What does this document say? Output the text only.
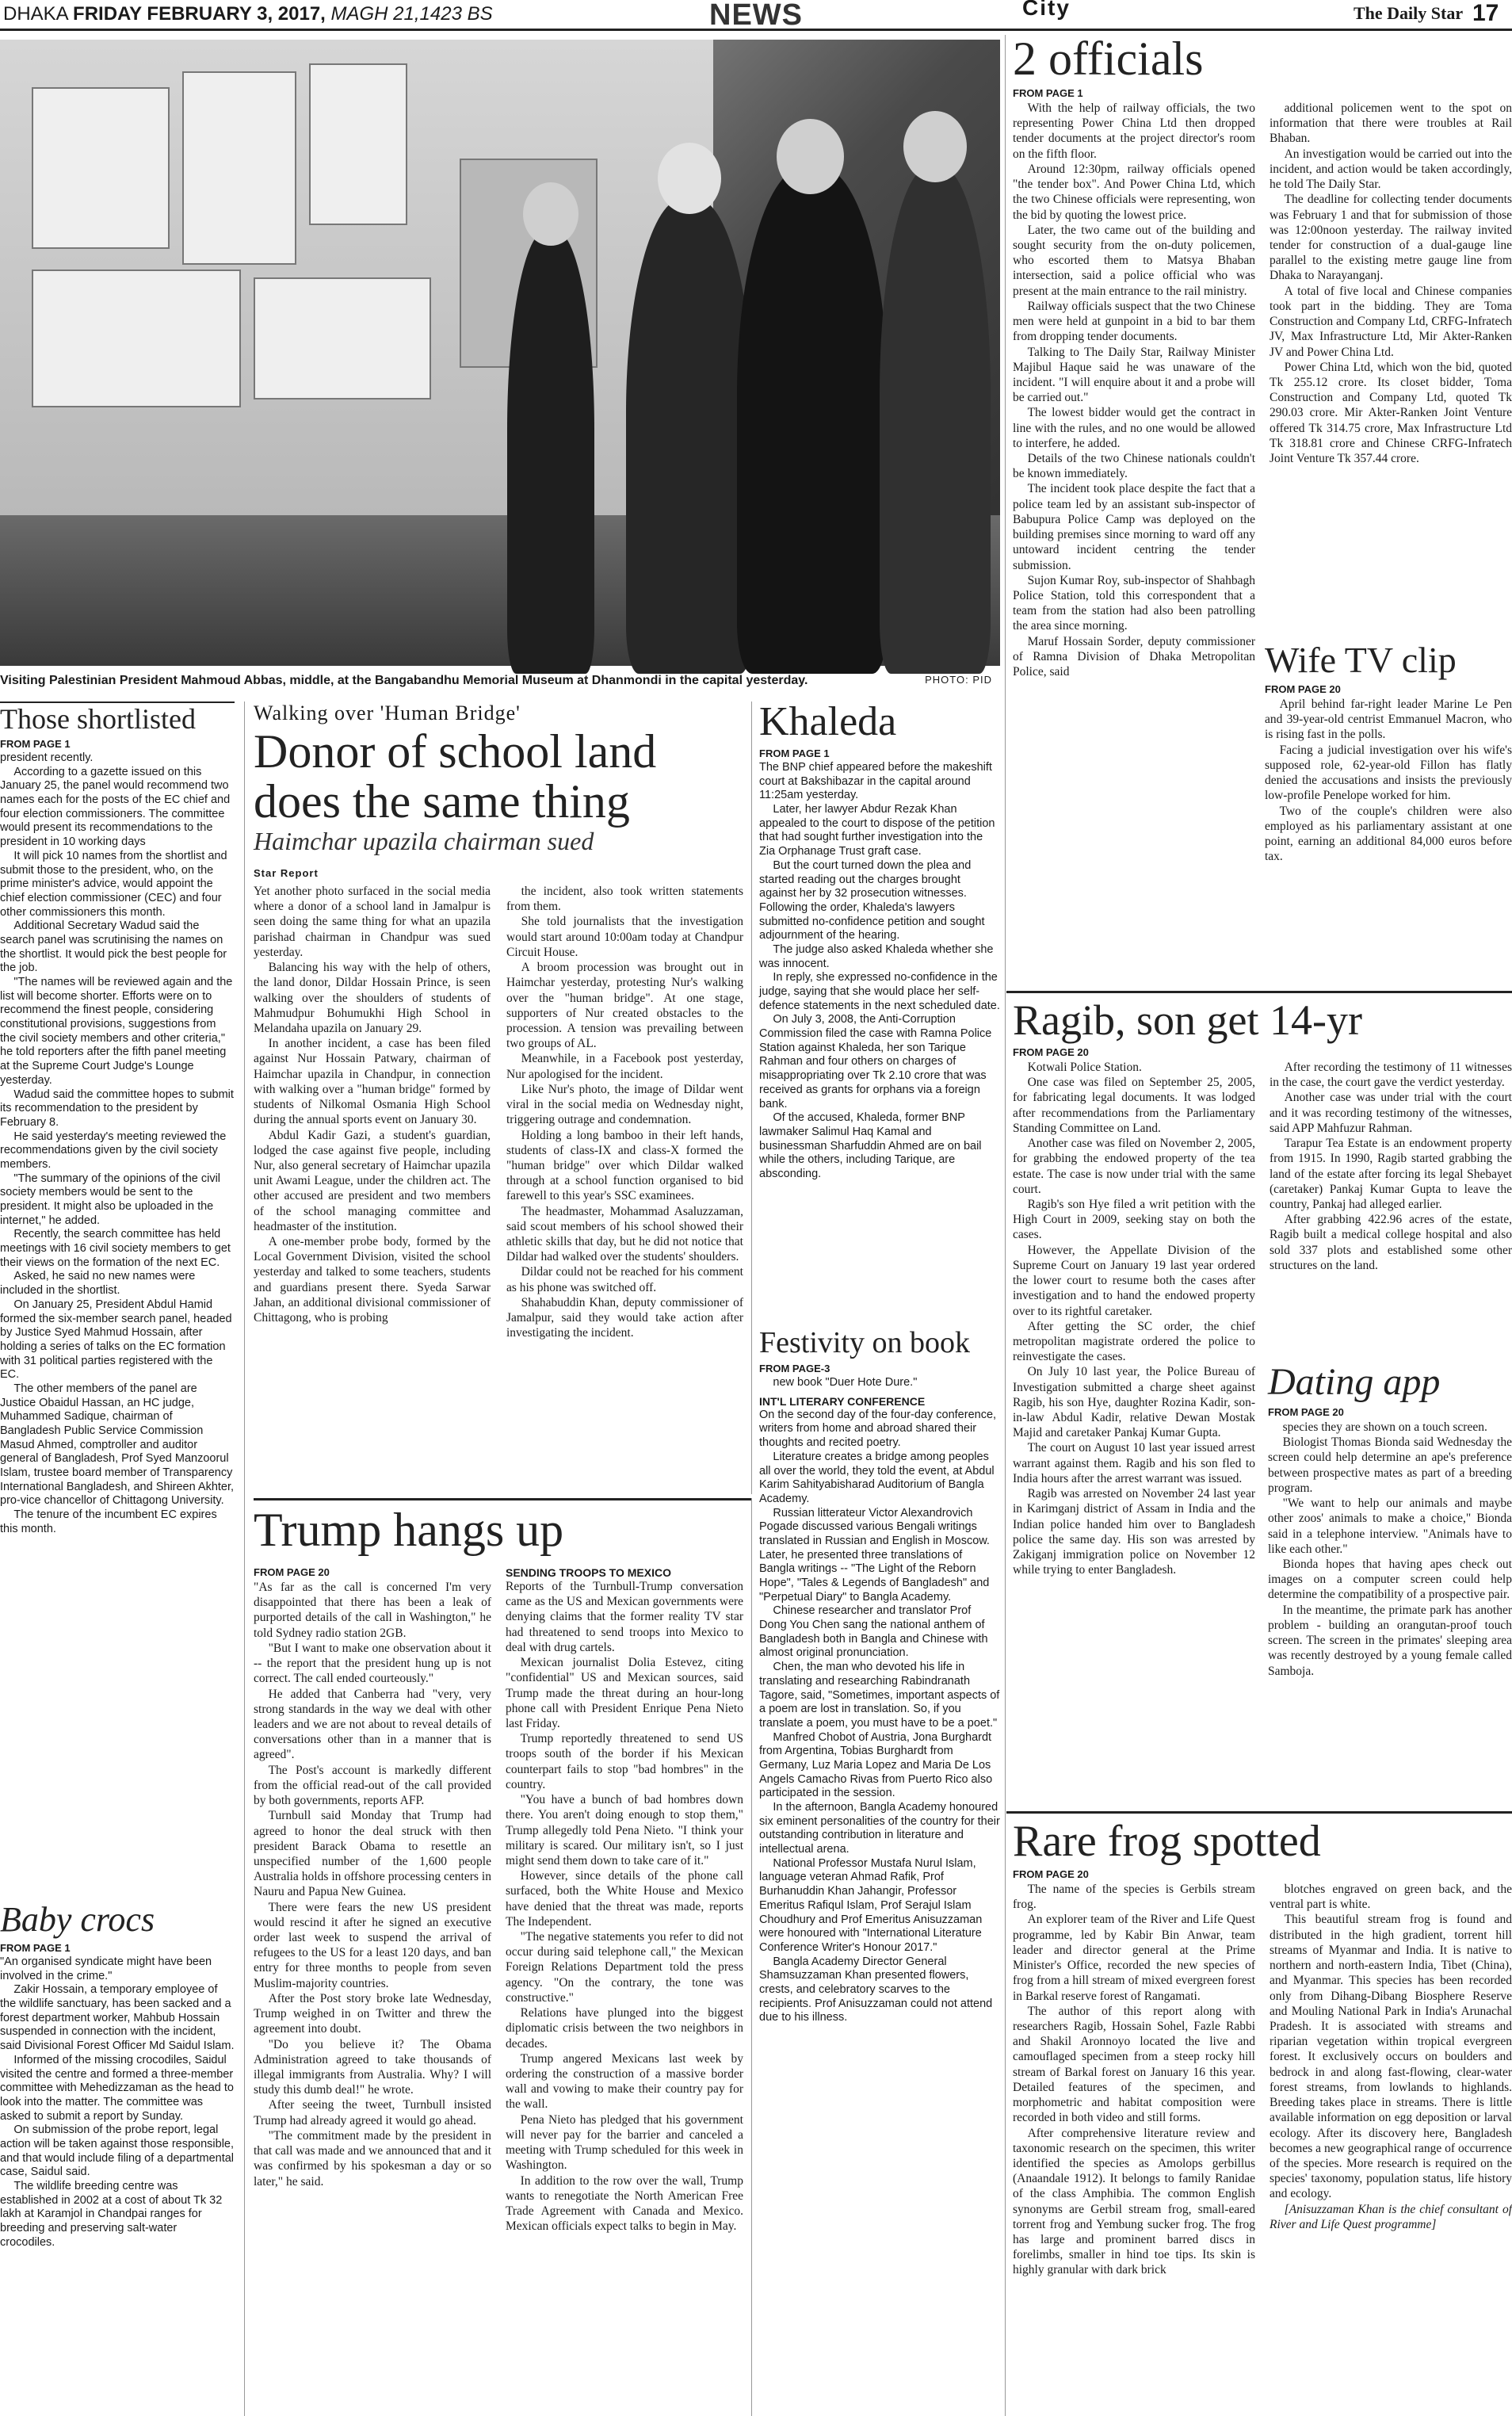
DHAKA FRIDAY FEBRUARY 3, 2017, MAGH 21,1423 BS	NEWS	City	The Daily Star 17
Visiting Palestinian President Mahmoud Abbas, middle, at the Bangabandhu Memorial Museum at Dhanmondi in the capital yesterday.	PHOTO: PID
2 officials
FROM PAGE 1

With the help of railway officials, the two representing Power China Ltd then dropped tender documents at the project director's room on the fifth floor.

Around 12:30pm, railway officials opened "the tender box". And Power China Ltd, which the two Chinese officials were representing, won the bid by quoting the lowest price.

Later, the two came out of the building and sought security from the on-duty policemen, who escorted them to Matsya Bhaban intersection, said a police official who was present at the main entrance to the rail ministry.

Railway officials suspect that the two Chinese men were held at gunpoint in a bid to bar them from dropping tender documents.

Talking to The Daily Star, Railway Minister Majibul Haque said he was unaware of the incident. "I will enquire about it and a probe will be carried out."

The lowest bidder would get the contract in line with the rules, and no one would be allowed to interfere, he added.

Details of the two Chinese nationals couldn't be known immediately.

The incident took place despite the fact that a police team led by an assistant sub-inspector of Babupura Police Camp was deployed on the building premises since morning to ward off any untoward incident centring the tender submission.

Sujon Kumar Roy, sub-inspector of Shahbagh Police Station, told this correspondent that a team from the station had also been patrolling the area since morning.

Maruf Hossain Sorder, deputy commissioner of Ramna Division of Dhaka Metropolitan Police, said

additional policemen went to the spot on information that there were troubles at Rail Bhaban.

An investigation would be carried out into the incident, and action would be taken accordingly, he told The Daily Star.

The deadline for collecting tender documents was February 1 and that for submission of those was 12:00noon yesterday. The railway invited tender for construction of a dual-gauge line parallel to the existing metre gauge line from Dhaka to Narayanganj.

A total of five local and Chinese companies took part in the bidding. They are Toma Construction and Company Ltd, CRFG-Infratech JV, Max Infrastructure Ltd, Mir Akter-Ranken JV and Power China Ltd.

Power China Ltd, which won the bid, quoted Tk 255.12 crore. Its closet bidder, Toma Construction and Company Ltd, quoted Tk 290.03 crore. Mir Akter-Ranken Joint Venture offered Tk 314.75 crore, Max Infrastructure Ltd Tk 318.81 crore and Chinese CRFG-Infratech Joint Venture Tk 357.44 crore.

Wife TV clip
FROM PAGE 20

April behind far-right leader Marine Le Pen and 39-year-old centrist Emmanuel Macron, who is rising fast in the polls.

Facing a judicial investigation over his wife's supposed role, 62-year-old Fillon has flatly denied the accusations and insists the previously low-profile Penelope worked for him.

Two of the couple's children were also employed as his parliamentary assistant at one point, earning an additional 84,000 euros before tax.

Ragib, son get 14-yr
FROM PAGE 20

Kotwali Police Station.

One case was filed on September 25, 2005, for fabricating legal documents. It was lodged after recommendations from the Parliamentary Standing Committee on Land.

Another case was filed on November 2, 2005, for grabbing the endowed property of the tea estate. The case is now under trial with the same court.

Ragib's son Hye filed a writ petition with the High Court in 2009, seeking stay on both the cases.

However, the Appellate Division of the Supreme Court on January 19 last year ordered the lower court to resume both the cases after investigation and to hand the endowed property over to its rightful caretaker.

After getting the SC order, the chief metropolitan magistrate ordered the police to reinvestigate the cases.

On July 10 last year, the Police Bureau of Investigation submitted a charge sheet against Ragib, his son Hye, daughter Rozina Kadir, son-in-law Abdul Kadir, relative Dewan Mostak Majid and caretaker Pankaj Kumar Gupta.

The court on August 10 last year issued arrest warrant against them. Ragib and his son fled to India hours after the arrest warrant was issued.

Ragib was arrested on November 24 last year in Karimganj district of Assam in India and the Indian police handed him over to Bangladesh police the same day. His son was arrested by Zakiganj immigration police on November 12 while trying to enter Bangladesh.

After recording the testimony of 11 witnesses in the case, the court gave the verdict yesterday.

Another case was under trial with the court and it was recording testimony of the witnesses, said APP Mahfuzur Rahman.

Tarapur Tea Estate is an endowment property from 1915. In 1990, Ragib started grabbing the land of the estate after forcing its legal Shebayet (caretaker) Pankaj Kumar Gupta to leave the country, Pankaj had alleged earlier.

After grabbing 422.96 acres of the estate, Ragib built a medical college hospital and also sold 337 plots and established some other structures on the land.

Dating app
FROM PAGE 20

species they are shown on a touch screen.

Biologist Thomas Bionda said Wednesday the screen could help determine an ape's preference between prospective mates as part of a breeding program.

"We want to help our animals and maybe other zoos' animals to make a choice," Bionda said in a telephone interview. "Animals have to like each other."

Bionda hopes that having apes check out images on a computer screen could help determine the compatibility of a prospective pair.

In the meantime, the primate park has another problem - building an orangutan-proof touch screen. The screen in the primates' sleeping area was recently destroyed by a young female called Samboja.

Rare frog spotted
FROM PAGE 20

The name of the species is Gerbils stream frog.

An explorer team of the River and Life Quest programme, led by Kabir Bin Anwar, team leader and director general at the Prime Minister's Office, recorded the new species of frog from a hill stream of mixed evergreen forest in Barkal reserve forest of Rangamati.

The author of this report along with researchers Ragib, Hossain Sohel, Fazle Rabbi and Shakil Aronnoyo located the live and camouflaged specimen from a steep rocky hill stream of Barkal forest on January 16 this year. Detailed features of the specimen, and morphometric and habitat composition were recorded in both video and still forms.

After comprehensive literature review and taxonomic research on the specimen, this writer identified the species as Amolops gerbillus (Anaandale 1912). It belongs to family Ranidae of the class Amphibia. The common English synonyms are Gerbil stream frog, small-eared torrent frog and Yembung sucker frog. The frog has large and prominent barred discs in forelimbs, smaller in hind toe tips. Its skin is highly granular with dark brick

blotches engraved on green back, and the ventral part is white.

This beautiful stream frog is found and distributed in the high gradient, torrent hill streams of Myanmar and India. It is native to northern and north-eastern India, Tibet (China), and Myanmar. This species has been recorded only from Dihang-Dibang Biosphere Reserve and Mouling National Park in India's Arunachal Pradesh. It is associated with streams and riparian vegetation within tropical evergreen forest. It exclusively occurs on boulders and bedrock in and along fast-flowing, clear-water forest streams, from lowlands to highlands. Breeding takes place in streams. There is little available information on egg deposition or larval ecology. After its discovery here, Bangladesh becomes a new geographical range of occurrence of the species. More research is required on the species' taxonomy, population status, life history and ecology.

[Anisuzzaman Khan is the chief consultant of River and Life Quest programme]

Those shortlisted
FROM PAGE 1

president recently.

According to a gazette issued on this January 25, the panel would recommend two names each for the posts of the EC chief and four election commissioners. The committee would present its recommendations to the president in 10 working days

It will pick 10 names from the shortlist and submit those to the president, who, on the prime minister's advice, would appoint the chief election commissioner (CEC) and four other commissioners this month.

Additional Secretary Wadud said the search panel was scrutinising the names on the shortlist. It would pick the best people for the job.

"The names will be reviewed again and the list will become shorter. Efforts were on to recommend the finest people, considering constitutional provisions, suggestions from the civil society members and other criteria," he told reporters after the fifth panel meeting at the Supreme Court Judge's Lounge yesterday.

Wadud said the committee hopes to submit its recommendation to the president by February 8.

He said yesterday's meeting reviewed the recommendations given by the civil society members.

"The summary of the opinions of the civil society members would be sent to the president. It might also be uploaded in the internet," he added.

Recently, the search committee has held meetings with 16 civil society members to get their views on the formation of the next EC.

Asked, he said no new names were included in the shortlist.

On January 25, President Abdul Hamid formed the six-member search panel, headed by Justice Syed Mahmud Hossain, after holding a series of talks on the EC formation with 31 political parties registered with the EC.

The other members of the panel are Justice Obaidul Hassan, an HC judge, Muhammed Sadique, chairman of Bangladesh Public Service Commission Masud Ahmed, comptroller and auditor general of Bangladesh, Prof Syed Manzoorul Islam, trustee board member of Transparency International Bangladesh, and Shireen Akhter, pro-vice chancellor of Chittagong University.

The tenure of the incumbent EC expires this month.

Baby crocs
FROM PAGE 1

"An organised syndicate might have been involved in the crime."

Zakir Hossain, a temporary employee of the wildlife sanctuary, has been sacked and a forest department worker, Mahbub Hossain suspended in connection with the incident, said Divisional Forest Officer Md Saidul Islam.

Informed of the missing crocodiles, Saidul visited the centre and formed a three-member committee with Mehedizzaman as the head to look into the matter. The committee was asked to submit a report by Sunday.

On submission of the probe report, legal action will be taken against those responsible, and that would include filing of a departmental case, Saidul said.

The wildlife breeding centre was established in 2002 at a cost of about Tk 32 lakh at Karamjol in Chandpai ranges for breeding and preserving salt-water crocodiles.

Walking over 'Human Bridge'
Donor of school land does the same thing
Haimchar upazila chairman sued
Star Report

Yet another photo surfaced in the social media where a donor of a school land in Jamalpur is seen doing the same thing for what an upazila parishad chairman in Chandpur was sued yesterday.

Balancing his way with the help of others, the land donor, Dildar Hossain Prince, is seen walking over the shoulders of students of Mahmudpur Bohumukhi High School in Melandaha upazila on January 29.

In another incident, a case has been filed against Nur Hossain Patwary, chairman of Haimchar upazila in Chandpur, in connection with walking over a "human bridge" formed by students of Nilkomal Osmania High School during the annual sports event on January 30.

Abdul Kadir Gazi, a student's guardian, lodged the case against five people, including Nur, also general secretary of Haimchar upazila unit Awami League, under the children act. The other accused are president and two members of the school managing committee and headmaster of the institution.

A one-member probe body, formed by the Local Government Division, visited the school yesterday and talked to some teachers, students and guardians present there. Syeda Sarwar Jahan, an additional divisional commissioner of Chittagong, who is probing

the incident, also took written statements from them.

She told journalists that the investigation would start around 10:00am today at Chandpur Circuit House.

A broom procession was brought out in Haimchar yesterday, protesting Nur's walking over the "human bridge". At one stage, supporters of Nur created obstacles to the procession. A tension was prevailing between two groups of AL.

Meanwhile, in a Facebook post yesterday, Nur apologised for the incident.

Like Nur's photo, the image of Dildar went viral in the social media on Wednesday night, triggering outrage and condemnation.

Holding a long bamboo in their left hands, students of class-IX and class-X formed the "human bridge" over which Dildar walked through at a school function organised to bid farewell to this year's SSC examinees.

The headmaster, Mohammad Asaluzzaman, said scout members of his school showed their athletic skills that day, but he did not notice that Dildar had walked over the students' shoulders.

Dildar could not be reached for his comment as his phone was switched off.

Shahabuddin Khan, deputy commissioner of Jamalpur, said they would take action after investigating the incident.

Khaleda
FROM PAGE 1

The BNP chief appeared before the makeshift court at Bakshibazar in the capital around 11:25am yesterday.

Later, her lawyer Abdur Rezak Khan appealed to the court to dispose of the petition that had sought further investigation into the Zia Orphanage Trust graft case.

But the court turned down the plea and started reading out the charges brought against her by 32 prosecution witnesses. Following the order, Khaleda's lawyers submitted no-confidence petition and sought adjournment of the hearing.

The judge also asked Khaleda whether she was innocent.

In reply, she expressed no-confidence in the judge, saying that she would place her self-defence statements in the next scheduled date.

On July 3, 2008, the Anti-Corruption Commission filed the case with Ramna Police Station against Khaleda, her son Tarique Rahman and four others on charges of misappropriating over Tk 2.10 crore that was received as grants for orphans via a foreign bank.

Of the accused, Khaleda, former BNP lawmaker Salimul Haq Kamal and businessman Sharfuddin Ahmed are on bail while the others, including Tarique, are absconding.

Festivity on book
FROM PAGE-3

new book "Duer Hote Dure."

INT'L LITERARY CONFERENCE

On the second day of the four-day conference, writers from home and abroad shared their thoughts and recited poetry.

Literature creates a bridge among peoples all over the world, they told the event, at Abdul Karim Sahityabisharad Auditorium of Bangla Academy.

Russian litterateur Victor Alexandrovich Pogade discussed various Bengali writings translated in Russian and English in Moscow. Later, he presented three translations of Bangla writings -- "The Light of the Reborn Hope", "Tales & Legends of Bangladesh" and "Perpetual Diary" to Bangla Academy.

Chinese researcher and translator Prof Dong You Chen sang the national anthem of Bangladesh both in Bangla and Chinese with almost original pronunciation.

Chen, the man who devoted his life in translating and researching Rabindranath Tagore, said, "Sometimes, important aspects of a poem are lost in translation. So, if you translate a poem, you must have to be a poet."

Manfred Chobot of Austria, Jona Burghardt from Argentina, Tobias Burghardt from Germany, Luz Maria Lopez and Maria De Los Angels Camacho Rivas from Puerto Rico also participated in the session.

In the afternoon, Bangla Academy honoured six eminent personalities of the country for their outstanding contribution in literature and intellectual arena.

National Professor Mustafa Nurul Islam, language veteran Ahmad Rafik, Prof Burhanuddin Khan Jahangir, Professor Emeritus Rafiqul Islam, Prof Serajul Islam Choudhury and Prof Emeritus Anisuzzaman were honoured with "International Literature Conference Writer's Honour 2017."

Bangla Academy Director General Shamsuzzaman Khan presented flowers, crests, and celebratory scarves to the recipients. Prof Anisuzzaman could not attend due to his illness.

Trump hangs up
FROM PAGE 20

"As far as the call is concerned I'm very disappointed that there has been a leak of purported details of the call in Washington," he told Sydney radio station 2GB.

"But I want to make one observation about it -- the report that the president hung up is not correct. The call ended courteously."

He added that Canberra had "very, very strong standards in the way we deal with other leaders and we are not about to reveal details of conversations other than in a manner that is agreed".

The Post's account is markedly different from the official read-out of the call provided by both governments, reports AFP.

Turnbull said Monday that Trump had agreed to honor the deal struck with then president Barack Obama to resettle an unspecified number of the 1,600 people Australia holds in offshore processing centers in Nauru and Papua New Guinea.

There were fears the new US president would rescind it after he signed an executive order last week to suspend the arrival of refugees to the US for a least 120 days, and ban entry for three months to people from seven Muslim-majority countries.

After the Post story broke late Wednesday, Trump weighed in on Twitter and threw the agreement into doubt.

"Do you believe it? The Obama Administration agreed to take thousands of illegal immigrants from Australia. Why? I will study this dumb deal!" he wrote.

After seeing the tweet, Turnbull insisted Trump had already agreed it would go ahead.

"The commitment made by the president in that call was made and we announced that and it was confirmed by his spokesman a day or so later," he said.

SENDING TROOPS TO MEXICO

Reports of the Turnbull-Trump conversation came as the US and Mexican governments were denying claims that the former reality TV star had threatened to send troops into Mexico to deal with drug cartels.

Mexican journalist Dolia Estevez, citing "confidential" US and Mexican sources, said Trump made the threat during an hour-long phone call with President Enrique Pena Nieto last Friday.

Trump reportedly threatened to send US troops south of the border if his Mexican counterpart fails to stop "bad hombres" in the country.

"You have a bunch of bad hombres down there. You aren't doing enough to stop them," Trump allegedly told Pena Nieto. "I think your military is scared. Our military isn't, so I just might send them down to take care of it."

However, since details of the phone call surfaced, both the White House and Mexico have denied that the threat was made, reports The Independent.

"The negative statements you refer to did not occur during said telephone call," the Mexican Foreign Relations Department told the press agency. "On the contrary, the tone was constructive."

Relations have plunged into the biggest diplomatic crisis between the two neighbors in decades.

Trump angered Mexicans last week by ordering the construction of a massive border wall and vowing to make their country pay for the wall.

Pena Nieto has pledged that his government will never pay for the barrier and canceled a meeting with Trump scheduled for this week in Washington.

In addition to the row over the wall, Trump wants to renegotiate the North American Free Trade Agreement with Canada and Mexico. Mexican officials expect talks to begin in May.
